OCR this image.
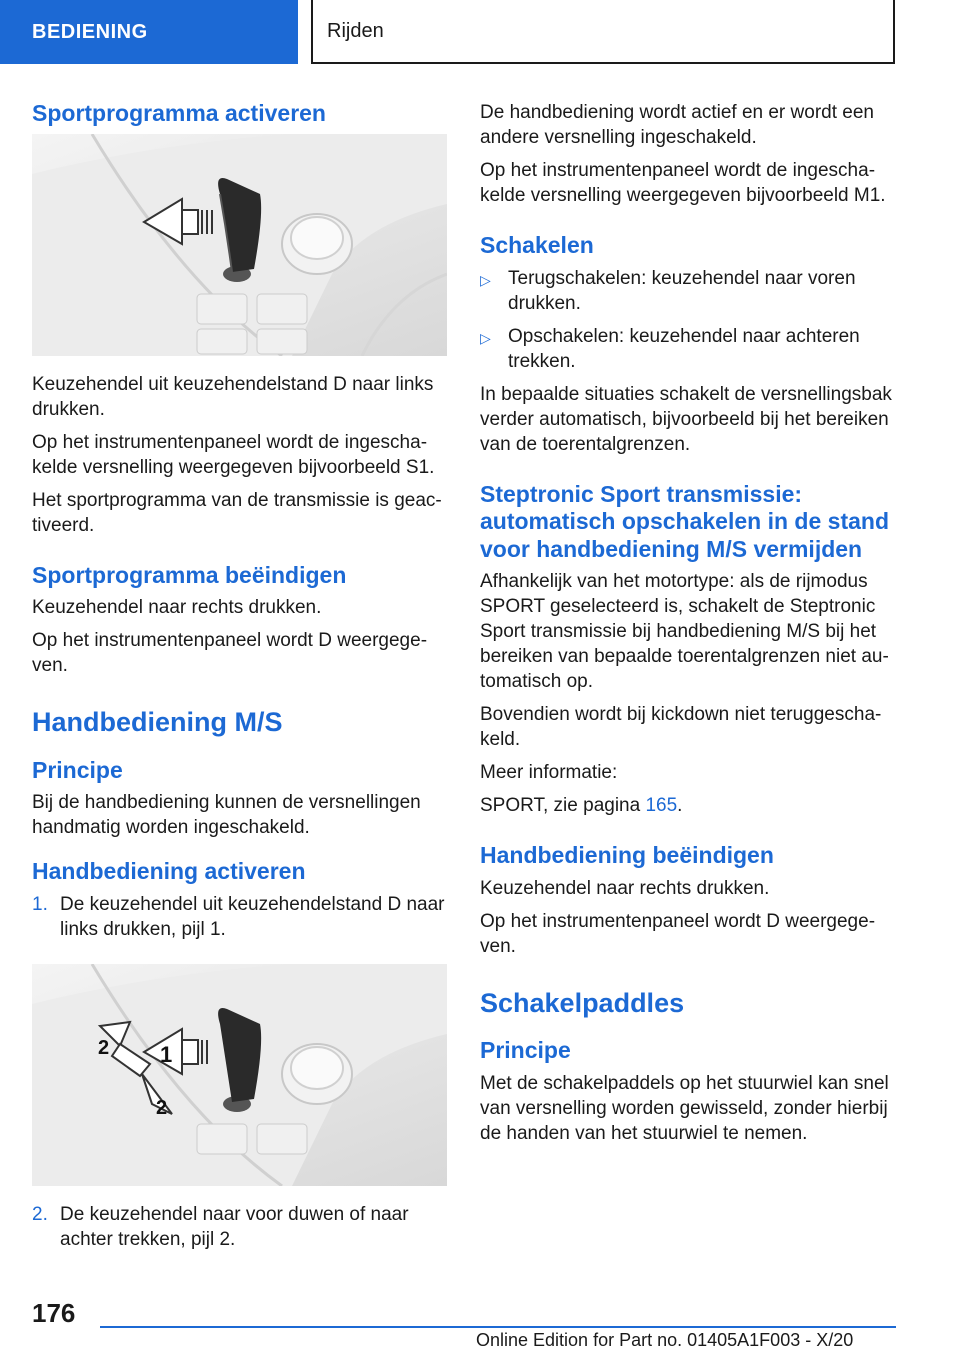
BEDIENING	Rijden
Sportprogramma activeren

Keuzehendel uit keuzehendelstand D naar links drukken.

Op het instrumentenpaneel wordt de ingeschakelde versnelling weergegeven bijvoorbeeld S1.

Het sportprogramma van de transmissie is geactiveerd.

Sportprogramma beëindigen

Keuzehendel naar rechts drukken.

Op het instrumentenpaneel wordt D weergegeven.

Handbediening M/S
Principe

Bij de handbediening kunnen de versnellingen handmatig worden ingeschakeld.

Handbediening activeren
1. De keuzehendel uit keuzehendelstand D naar links drukken, pijl 1.
1
2
2
2. De keuzehendel naar voor duwen of naar achter trekken, pijl 2.

De handbediening wordt actief en er wordt een andere versnelling ingeschakeld.

Op het instrumentenpaneel wordt de ingeschakelde versnelling weergegeven bijvoorbeeld M1.

Schakelen
▷ Terugschakelen: keuzehendel naar voren drukken.
▷ Opschakelen: keuzehendel naar achteren trekken.

In bepaalde situaties schakelt de versnellingsbak verder automatisch, bijvoorbeeld bij het bereiken van de toerentalgrenzen.

Steptronic Sport transmissie: automatisch opschakelen in de stand voor handbediening M/S vermijden

Afhankelijk van het motortype: als de rijmodus SPORT geselecteerd is, schakelt de Steptronic Sport transmissie bij handbediening M/S bij het bereiken van bepaalde toerentalgrenzen niet automatisch op.

Bovendien wordt bij kickdown niet teruggeschakeld.

Meer informatie:

SPORT, zie pagina 165.

Handbediening beëindigen

Keuzehendel naar rechts drukken.

Op het instrumentenpaneel wordt D weergegeven.

Schakelpaddles
Principe

Met de schakelpaddels op het stuurwiel kan snel van versnelling worden gewisseld, zonder hierbij de handen van het stuurwiel te nemen.

176
Online Edition for Part no. 01405A1F003 - X/20
